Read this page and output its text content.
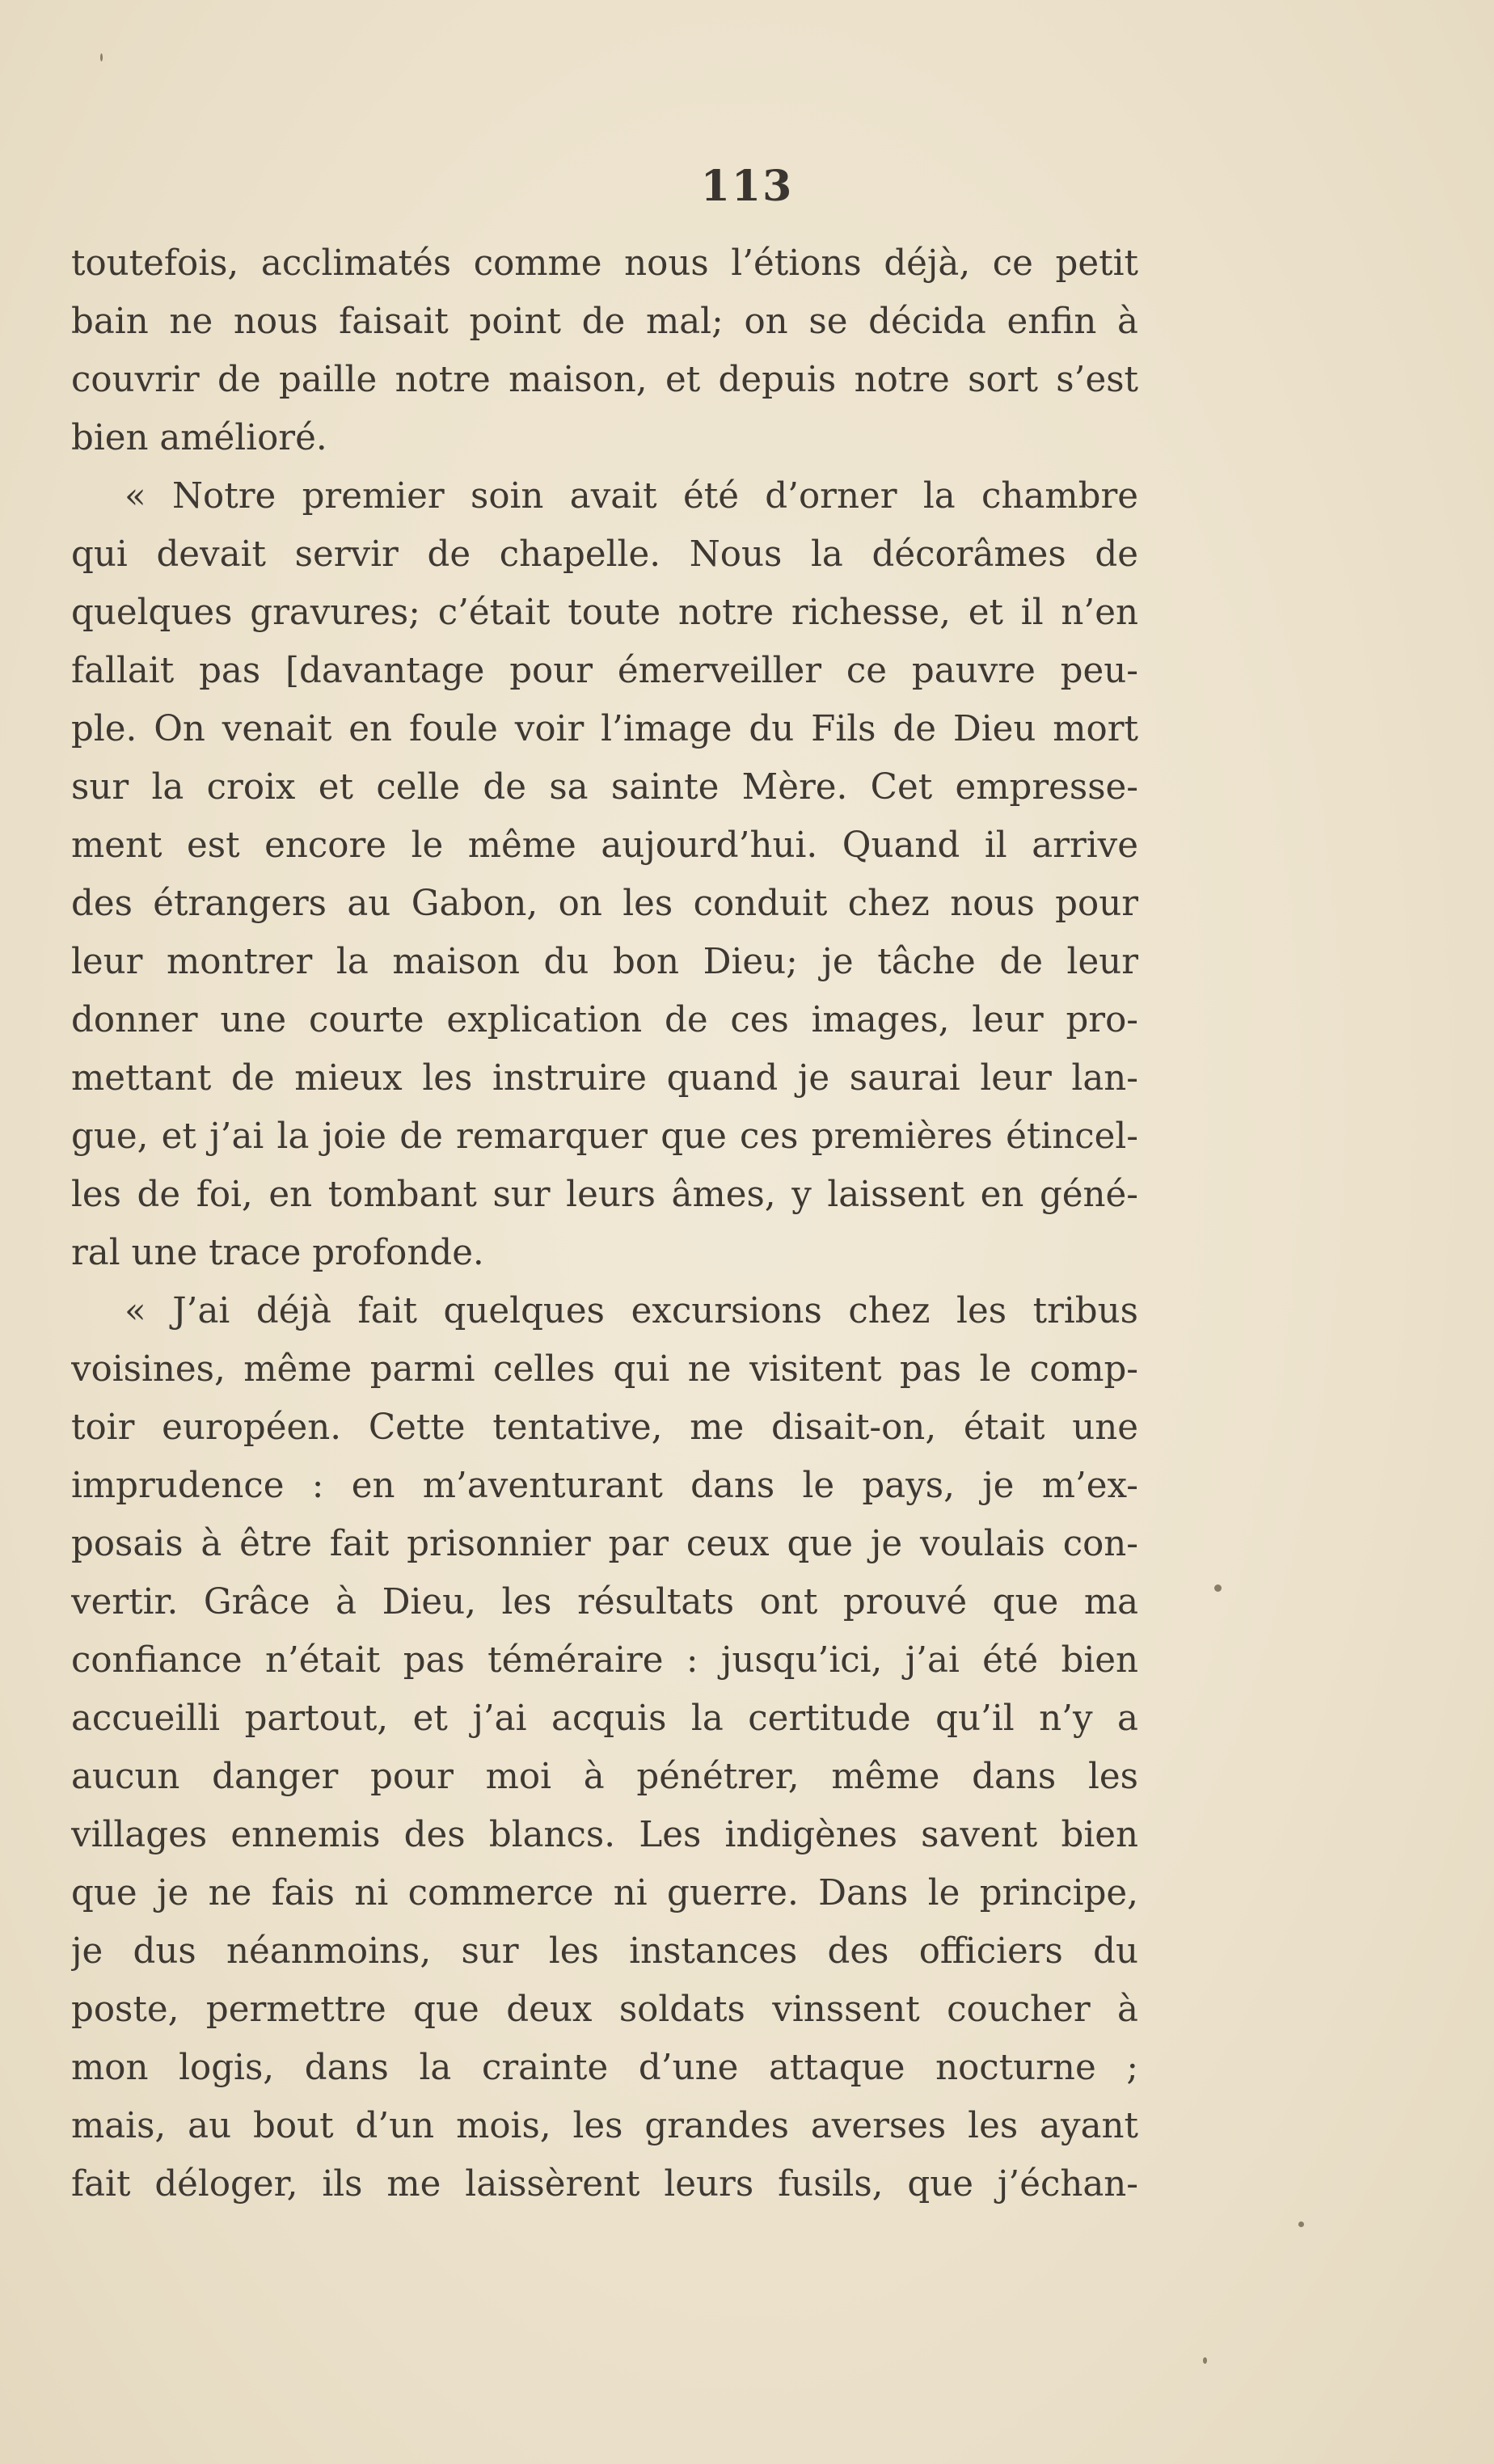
113
toutefois, acclimatés comme nous l’étions déjà, ce petit
bain ne nous faisait point de mal; on se décida enfin à
couvrir de paille notre maison, et depuis notre sort s’est
bien amélioré.
« Notre premier soin avait été d’orner la chambre
qui devait servir de chapelle. Nous la décorâmes de
quelques gravures; c’était toute notre richesse, et il n’en
fallait pas [davantage pour émerveiller ce pauvre peu-
ple. On venait en foule voir l’image du Fils de Dieu mort
sur la croix et celle de sa sainte Mère. Cet empresse-
ment est encore le même aujourd’hui. Quand il arrive
des étrangers au Gabon, on les conduit chez nous pour
leur montrer la maison du bon Dieu; je tâche de leur
donner une courte explication de ces images, leur pro-
mettant de mieux les instruire quand je saurai leur lan-
gue, et j’ai la joie de remarquer que ces premières étincel-
les de foi, en tombant sur leurs âmes, y laissent en géné-
ral une trace profonde.
« J’ai déjà fait quelques excursions chez les tribus
voisines, même parmi celles qui ne visitent pas le comp-
toir européen. Cette tentative, me disait-on, était une
imprudence : en m’aventurant dans le pays, je m’ex-
posais à être fait prisonnier par ceux que je voulais con-
vertir. Grâce à Dieu, les résultats ont prouvé que ma
confiance n’était pas téméraire : jusqu’ici, j’ai été bien
accueilli partout, et j’ai acquis la certitude qu’il n’y a
aucun danger pour moi à pénétrer, même dans les
villages ennemis des blancs. Les indigènes savent bien
que je ne fais ni commerce ni guerre. Dans le principe,
je dus néanmoins, sur les instances des officiers du
poste, permettre que deux soldats vinssent coucher à
mon logis, dans la crainte d’une attaque nocturne ;
mais, au bout d’un mois, les grandes averses les ayant
fait déloger, ils me laissèrent leurs fusils, que j’échan-
